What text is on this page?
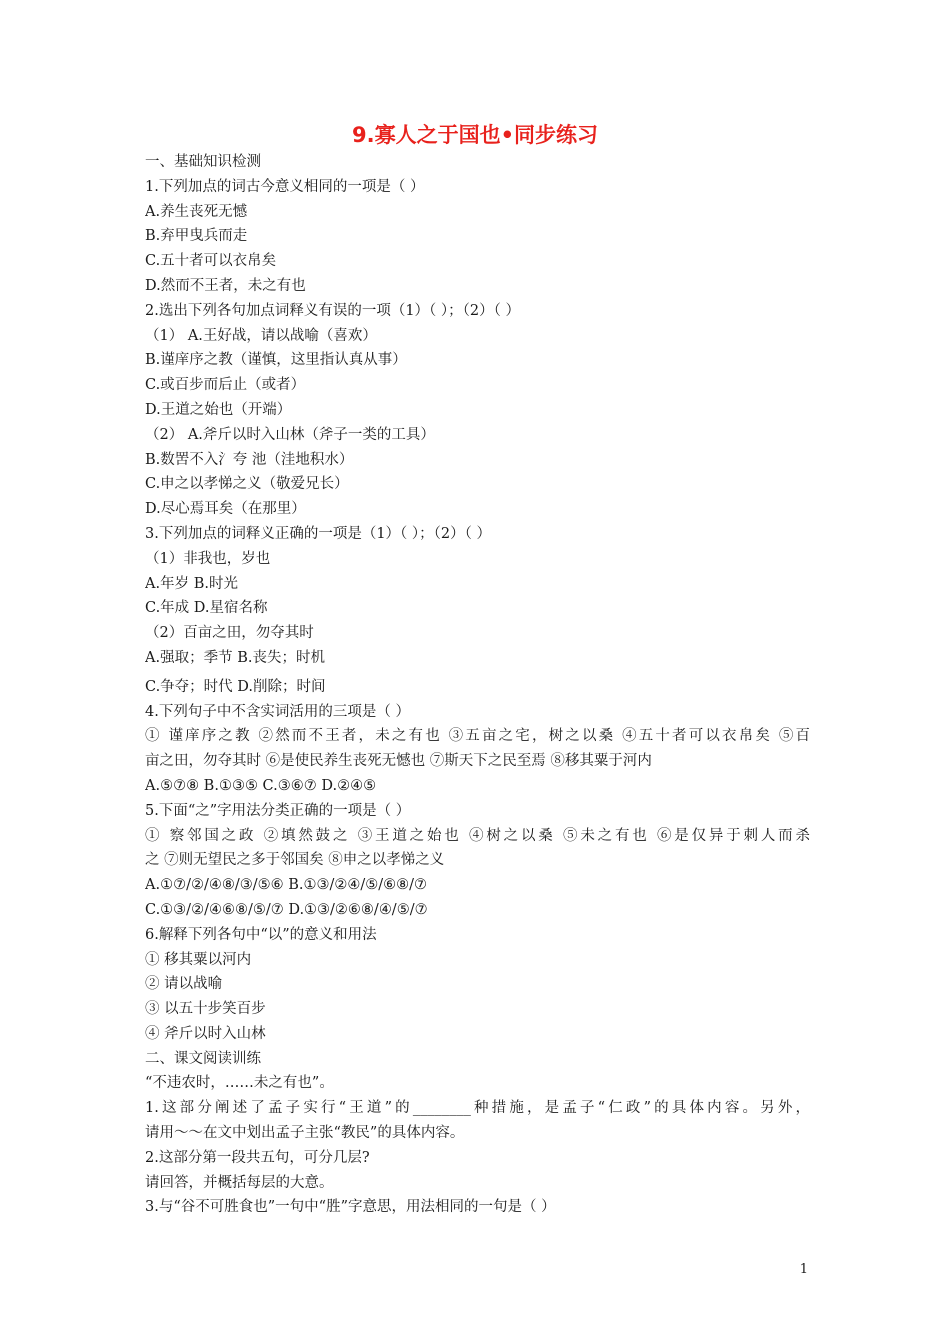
9.寡人之于国也•同步练习
一、基础知识检测
1.下列加点的词古今意义相同的一项是（ ）
A.养生丧死无憾
B.弃甲曳兵而走
C.五十者可以衣帛矣
D.然而不王者，未之有也
2.选出下列各句加点词释义有误的一项（1）（ ）；（2）（ ）
（1） A.王好战，请以战喻（喜欢）
B.谨庠序之教（谨慎，这里指认真从事）
C.或百步而后止（或者）
D.王道之始也（开端）
（2） A.斧斤以时入山林（斧子一类的工具）
B.数罟不入氵夸 池（洼地积水）
C.申之以孝悌之义（敬爱兄长）
D.尽心焉耳矣（在那里）
3.下列加点的词释义正确的一项是（1）（ ）；（2）（ ）
（1）非我也，岁也
A.年岁 B.时光
C.年成 D.星宿名称
（2）百亩之田，勿夺其时
A.强取；季节 B.丧失；时机
C.争夺；时代 D.削除；时间
4.下列句子中不含实词活用的三项是（ ）
① 谨庠序之教 ②然而不王者，未之有也 ③五亩之宅，树之以桑 ④五十者可以衣帛矣 ⑤百
亩之田，勿夺其时 ⑥是使民养生丧死无憾也 ⑦斯天下之民至焉 ⑧移其粟于河内
A.⑤⑦⑧ B.①③⑤ C.③⑥⑦ D.②④⑤
5.下面“之”字用法分类正确的一项是（ ）
① 察邻国之政 ②填然鼓之 ③王道之始也 ④树之以桑 ⑤未之有也 ⑥是仅异于刺人而杀
之 ⑦则无望民之多于邻国矣 ⑧申之以孝悌之义
A.①⑦/②/④⑧/③/⑤⑥ B.①③/②④/⑤/⑥⑧/⑦
C.①③/②/④⑥⑧/⑤/⑦ D.①③/②⑥⑧/④/⑤/⑦
6.解释下列各句中“以”的意义和用法
① 移其粟以河内
② 请以战喻
③ 以五十步笑百步
④ 斧斤以时入山林
二、课文阅读训练
“不违农时，……未之有也”。
1.这部分阐述了孟子实行“王道”的________种措施，是孟子“仁政”的具体内容。另外，
请用～～在文中划出孟子主张“教民”的具体内容。
2.这部分第一段共五句，可分几层?
请回答，并概括每层的大意。
3.与“谷不可胜食也”一句中“胜”字意思，用法相同的一句是（ ）
1
